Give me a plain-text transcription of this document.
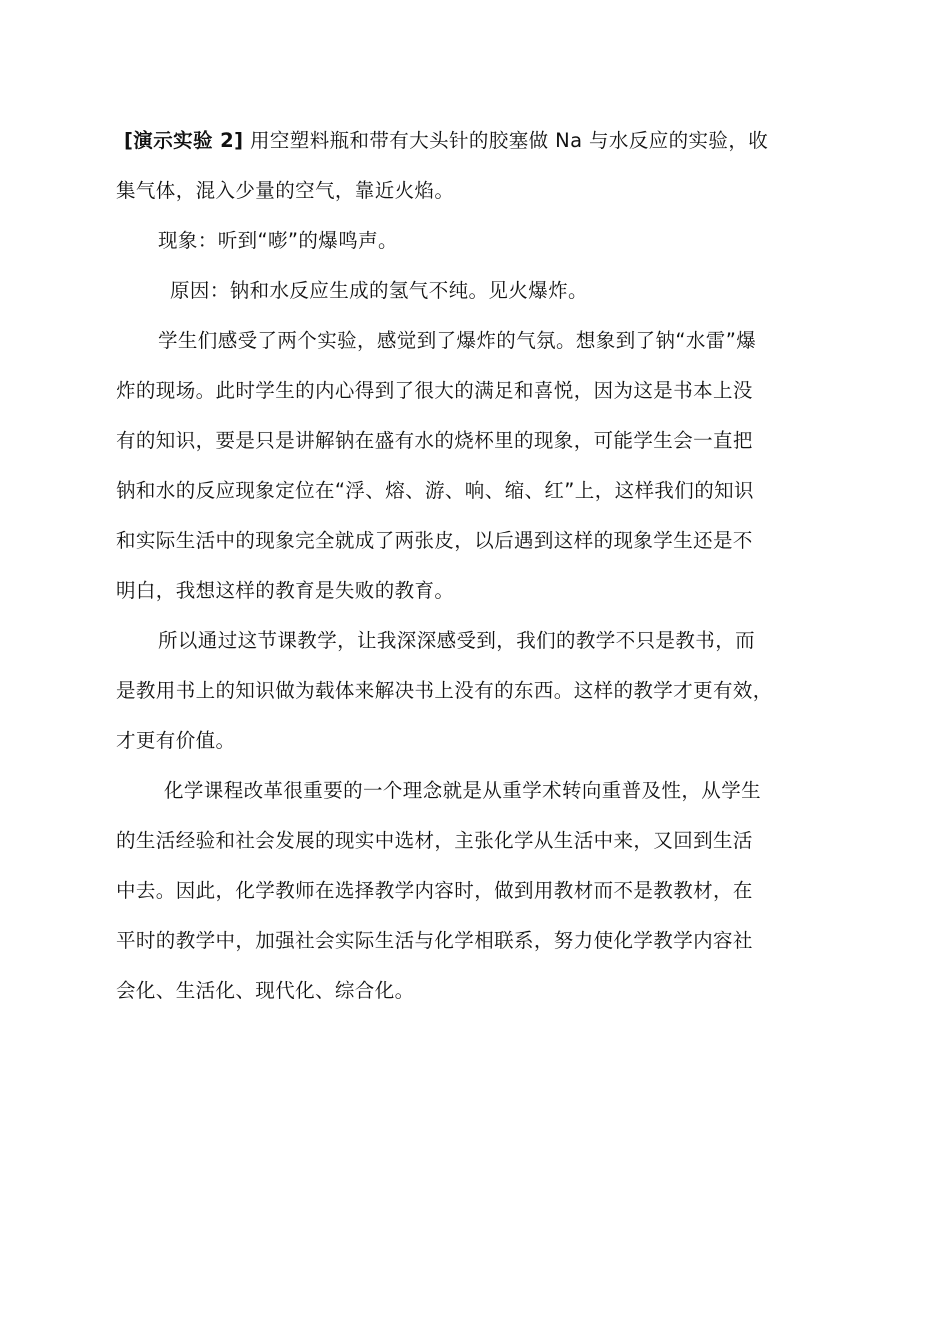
[演示实验 2] 用空塑料瓶和带有大头针的胶塞做 Na 与水反应的实验，收
集气体，混入少量的空气，靠近火焰。
现象：听到“嘭”的爆鸣声。
原因：钠和水反应生成的氢气不纯。见火爆炸。
学生们感受了两个实验，感觉到了爆炸的气氛。想象到了钠“水雷”爆
炸的现场。此时学生的内心得到了很大的满足和喜悦，因为这是书本上没
有的知识，要是只是讲解钠在盛有水的烧杯里的现象，可能学生会一直把
钠和水的反应现象定位在“浮、熔、游、响、缩、红”上，这样我们的知识
和实际生活中的现象完全就成了两张皮，以后遇到这样的现象学生还是不
明白，我想这样的教育是失败的教育。
所以通过这节课教学，让我深深感受到，我们的教学不只是教书，而
是教用书上的知识做为载体来解决书上没有的东西。这样的教学才更有效，
才更有价值。
化学课程改革很重要的一个理念就是从重学术转向重普及性，从学生
的生活经验和社会发展的现实中选材，主张化学从生活中来，又回到生活
中去。因此，化学教师在选择教学内容时，做到用教材而不是教教材，在
平时的教学中，加强社会实际生活与化学相联系，努力使化学教学内容社
会化、生活化、现代化、综合化。
